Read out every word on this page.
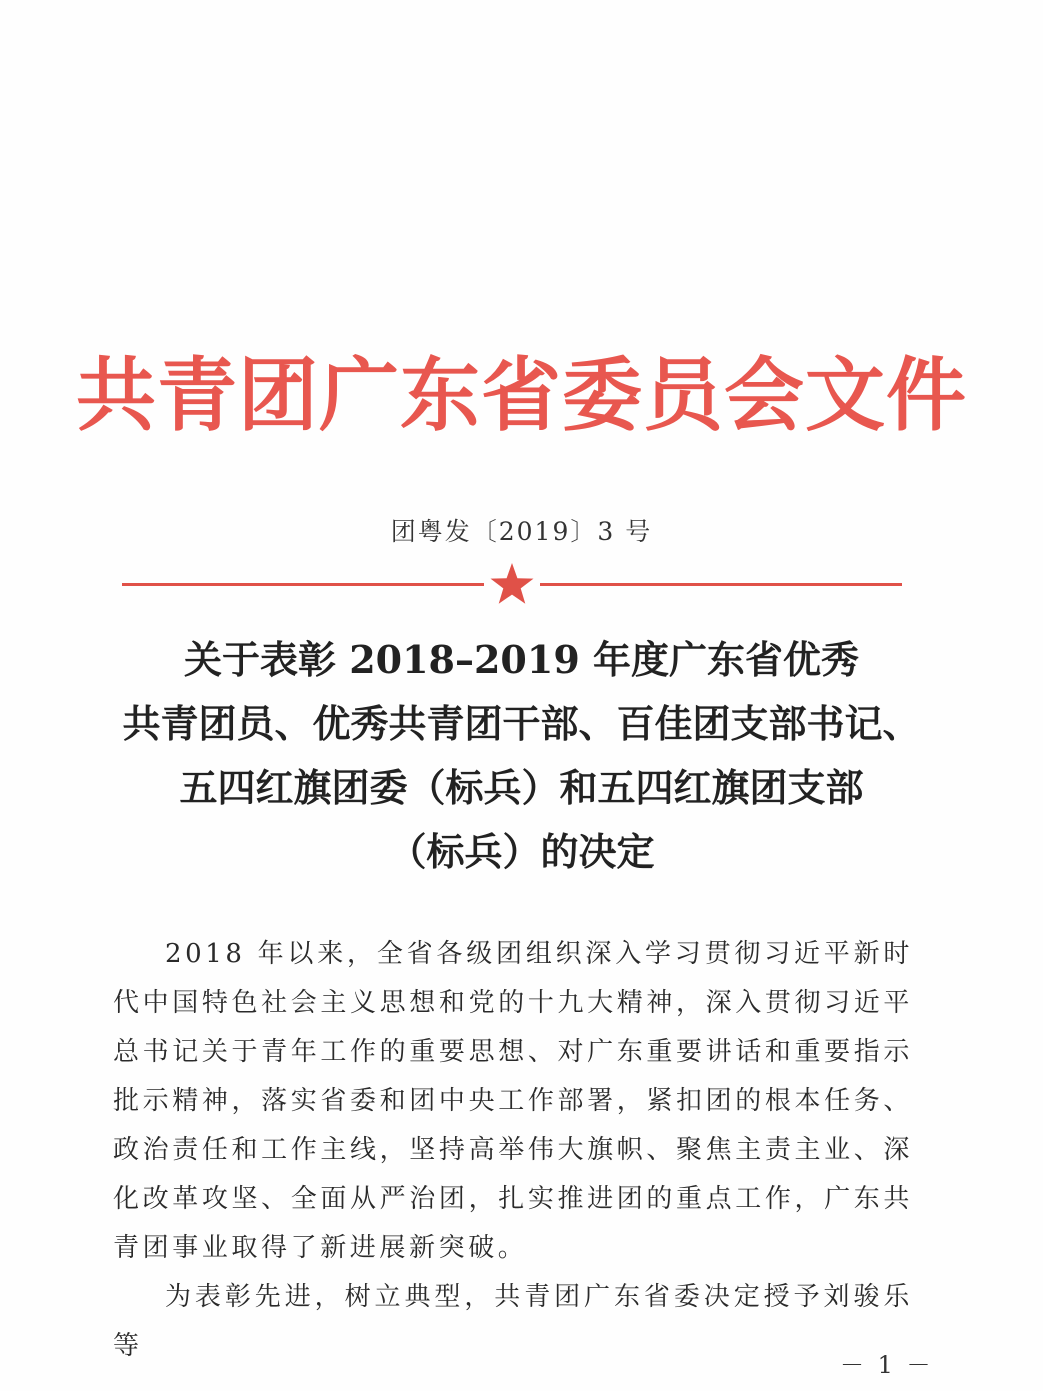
共青团广东省委员会文件
团粤发〔2019〕3 号
关于表彰 2018–2019 年度广东省优秀
共青团员、优秀共青团干部、百佳团支部书记、
五四红旗团委（标兵）和五四红旗团支部
（标兵）的决定

2018 年以来，全省各级团组织深入学习贯彻习近平新时代中国特色社会主义思想和党的十九大精神，深入贯彻习近平总书记关于青年工作的重要思想、对广东重要讲话和重要指示批示精神，落实省委和团中央工作部署，紧扣团的根本任务、政治责任和工作主线，坚持高举伟大旗帜、聚焦主责主业、深化改革攻坚、全面从严治团，扎实推进团的重点工作，广东共青团事业取得了新进展新突破。

为表彰先进，树立典型，共青团广东省委决定授予刘骏乐等

－ 1 －
